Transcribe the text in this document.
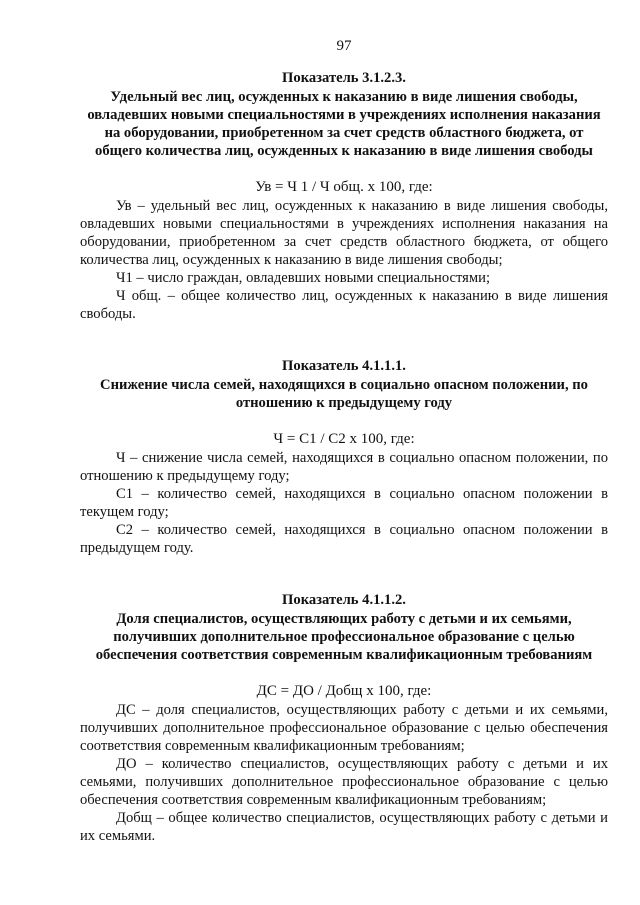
97
Показатель 3.1.2.3.
Удельный вес лиц, осужденных к наказанию в виде лишения свободы, овладевших новыми специальностями в учреждениях исполнения наказания на оборудовании, приобретенном за счет средств областного бюджета, от общего количества лиц, осужденных к наказанию в виде лишения свободы
Ув = Ч 1 / Ч общ. х 100, где:

Ув – удельный вес лиц, осужденных к наказанию в виде лишения свободы, овладевших новыми специальностями в учреждениях исполнения наказания на оборудовании, приобретенном за счет средств областного бюджета, от общего количества лиц, осужденных к наказанию в виде лишения свободы;

Ч1 – число граждан, овладевших новыми специальностями;

Ч общ. – общее количество лиц, осужденных к наказанию в виде лишения свободы.

Показатель 4.1.1.1.
Снижение числа семей, находящихся в социально опасном положении, по отношению к предыдущему году
Ч = С1 / С2 х 100, где:

Ч – снижение числа семей, находящихся в социально опасном положении, по отношению к предыдущему году;

С1 – количество семей, находящихся в социально опасном положении в текущем году;

С2 – количество семей, находящихся в социально опасном положении в предыдущем году.

Показатель 4.1.1.2.
Доля специалистов, осуществляющих работу с детьми и их семьями, получивших дополнительное профессиональное образование с целью обеспечения соответствия современным квалификационным требованиям
ДС = ДО / Добщ х 100, где:

ДС – доля специалистов, осуществляющих работу с детьми и их семьями, получивших дополнительное профессиональное образование с целью обеспечения соответствия современным квалификационным требованиям;

ДО – количество специалистов, осуществляющих работу с детьми и их семьями, получивших дополнительное профессиональное образование с целью обеспечения соответствия современным квалификационным требованиям;

Добщ – общее количество специалистов, осуществляющих работу с детьми и их семьями.
